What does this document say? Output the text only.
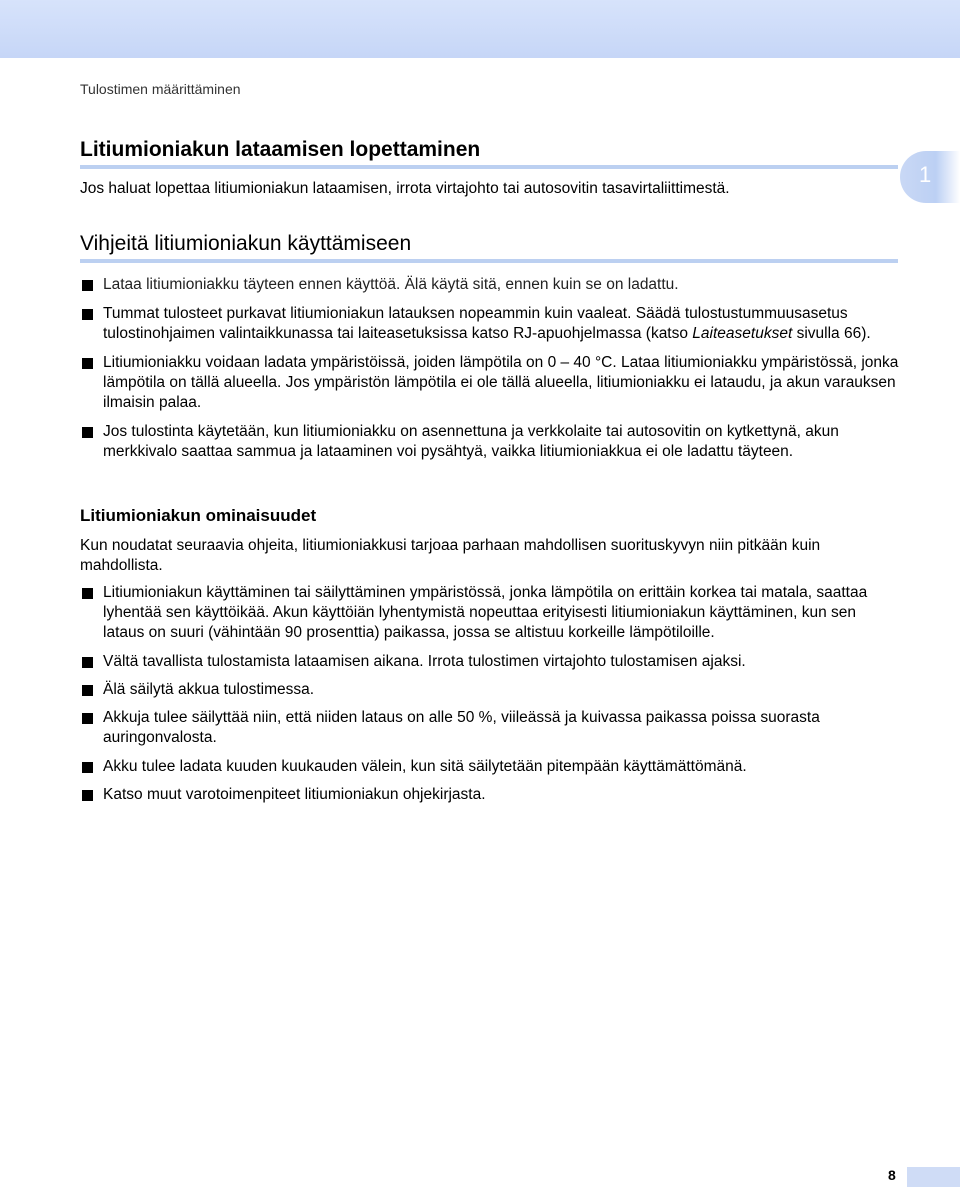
Tulostimen määrittäminen
1
Litiumioniakun lataamisen lopettaminen

Jos haluat lopettaa litiumioniakun lataamisen, irrota virtajohto tai autosovitin tasavirtaliittimestä.

Vihjeitä litiumioniakun käyttämiseen
Lataa litiumioniakku täyteen ennen käyttöä. Älä käytä sitä, ennen kuin se on ladattu.
Tummat tulosteet purkavat litiumioniakun latauksen nopeammin kuin vaaleat. Säädä tulostustummuusasetus tulostinohjaimen valintaikkunassa tai laiteasetuksissa katso RJ-apuohjelmassa (katso Laiteasetukset sivulla 66).
Litiumioniakku voidaan ladata ympäristöissä, joiden lämpötila on 0 – 40 °C. Lataa litiumioniakku ympäristössä, jonka lämpötila on tällä alueella. Jos ympäristön lämpötila ei ole tällä alueella, litiumioniakku ei lataudu, ja akun varauksen ilmaisin palaa.
Jos tulostinta käytetään, kun litiumioniakku on asennettuna ja verkkolaite tai autosovitin on kytkettynä, akun merkkivalo saattaa sammua ja lataaminen voi pysähtyä, vaikka litiumioniakkua ei ole ladattu täyteen.
Litiumioniakun ominaisuudet

Kun noudatat seuraavia ohjeita, litiumioniakkusi tarjoaa parhaan mahdollisen suorituskyvyn niin pitkään kuin mahdollista.

Litiumioniakun käyttäminen tai säilyttäminen ympäristössä, jonka lämpötila on erittäin korkea tai matala, saattaa lyhentää sen käyttöikää. Akun käyttöiän lyhentymistä nopeuttaa erityisesti litiumioniakun käyttäminen, kun sen lataus on suuri (vähintään 90 prosenttia) paikassa, jossa se altistuu korkeille lämpötiloille.
Vältä tavallista tulostamista lataamisen aikana. Irrota tulostimen virtajohto tulostamisen ajaksi.
Älä säilytä akkua tulostimessa.
Akkuja tulee säilyttää niin, että niiden lataus on alle 50 %, viileässä ja kuivassa paikassa poissa suorasta auringonvalosta.
Akku tulee ladata kuuden kuukauden välein, kun sitä säilytetään pitempään käyttämättömänä.
Katso muut varotoimenpiteet litiumioniakun ohjekirjasta.
8
